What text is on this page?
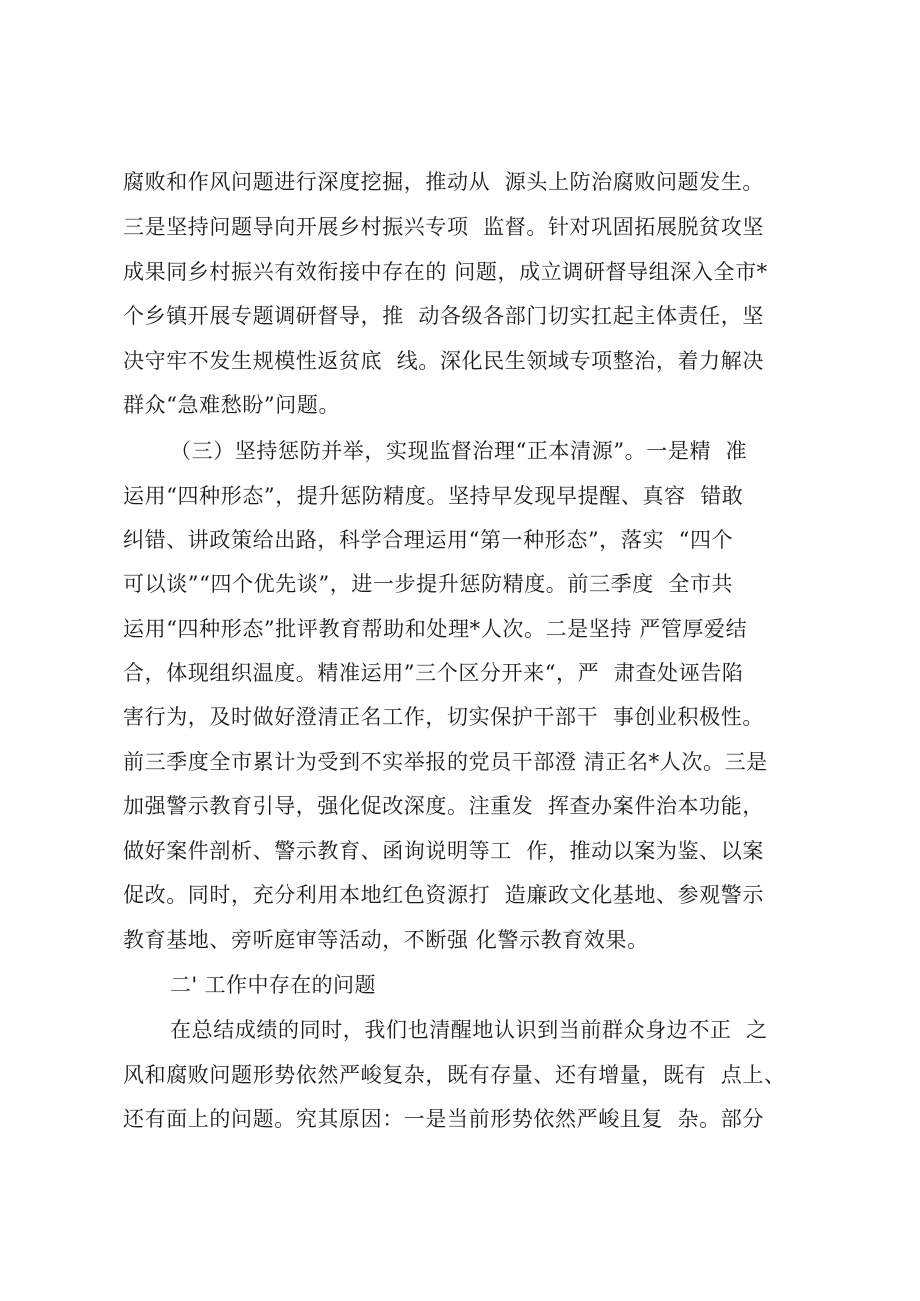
腐败和作风问题进行深度挖掘，推动从  源头上防治腐败问题发生。
三是坚持问题导向开展乡村振兴专项  监督。针对巩固拓展脱贫攻坚
成果同乡村振兴有效衔接中存在的 问题，成立调研督导组深入全市*
个乡镇开展专题调研督导，推  动各级各部门切实扛起主体责任，坚
决守牢不发生规模性返贫底  线。深化民生领域专项整治，着力解决
群众“急难愁盼”问题。
（三）坚持惩防并举，实现监督治理“正本清源”。一是精  准
运用“四种形态”，提升惩防精度。坚持早发现早提醒、真容  错敢
纠错、讲政策给出路，科学合理运用“第一种形态”，落实  “四个
可以谈”“四个优先谈”，进一步提升惩防精度。前三季度  全市共
运用“四种形态”批评教育帮助和处理*人次。二是坚持 严管厚爱结
合，体现组织温度。精准运用”三个区分开来“，严  肃查处诬告陷
害行为，及时做好澄清正名工作，切实保护干部干  事创业积极性。
前三季度全市累计为受到不实举报的党员干部澄 清正名*人次。三是
加强警示教育引导，强化促改深度。注重发  挥查办案件治本功能，
做好案件剖析、警示教育、函询说明等工  作，推动以案为鉴、以案
促改。同时，充分利用本地红色资源打  造廉政文化基地、参观警示
教育基地、旁听庭审等活动，不断强 化警示教育效果。
二' 工作中存在的问题
在总结成绩的同时，我们也清醒地认识到当前群众身边不正  之
风和腐败问题形势依然严峻复杂，既有存量、还有增量，既有  点上、
还有面上的问题。究其原因：一是当前形势依然严峻且复  杂。部分
